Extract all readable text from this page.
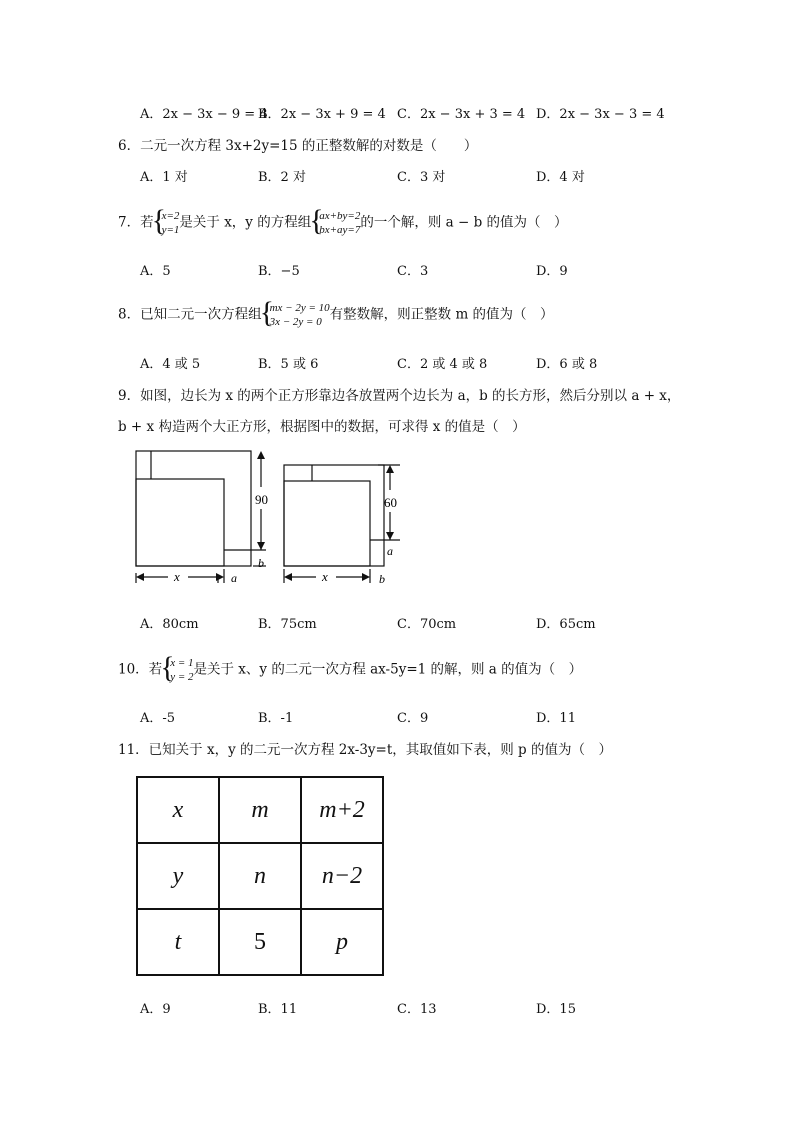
A．2x − 3x − 9 = 4
B．2x − 3x + 9 = 4 C．2x − 3x + 3 = 4 D．2x − 3x − 3 = 4
6．二元一次方程 3x+2y=15 的正整数解的对数是（　　）
A．1 对	B．2 对	C．3 对	D．4 对
7．若 { x=2
y=1 是关于 x，y 的方程组 { ax+by=2
bx+ay=7 的一个解，则 a − b 的值为（　）
A．5	B．−5	C．3	D．9
8．已知二元一次方程组 { mx − 2y = 10
3x − 2y = 0 有整数解，则正整数 m 的值为（　）
A．4 或 5	B．5 或 6	C．2 或 4 或 8	D．6 或 8
9．如图，边长为 x 的两个正方形靠边各放置两个边长为 a，b 的长方形，然后分别以 a + x，
b + x 构造两个大正方形，根据图中的数据，可求得 x 的值是（　）
90	60
x	x
a
b
a
b
A．80cm	B．75cm	C．70cm	D．65cm
10．若 { x = 1
y = 2 是关于 x、y 的二元一次方程 ax-5y=1 的解，则 a 的值为（　）
A．-5	B．-1	C．9	D．11
11．已知关于 x，y 的二元一次方程 2x-3y=t，其取值如下表，则 p 的值为（　）
x	m	m+2
y	n	n−2
t	5	p
A．9	B．11	C．13	D．15
